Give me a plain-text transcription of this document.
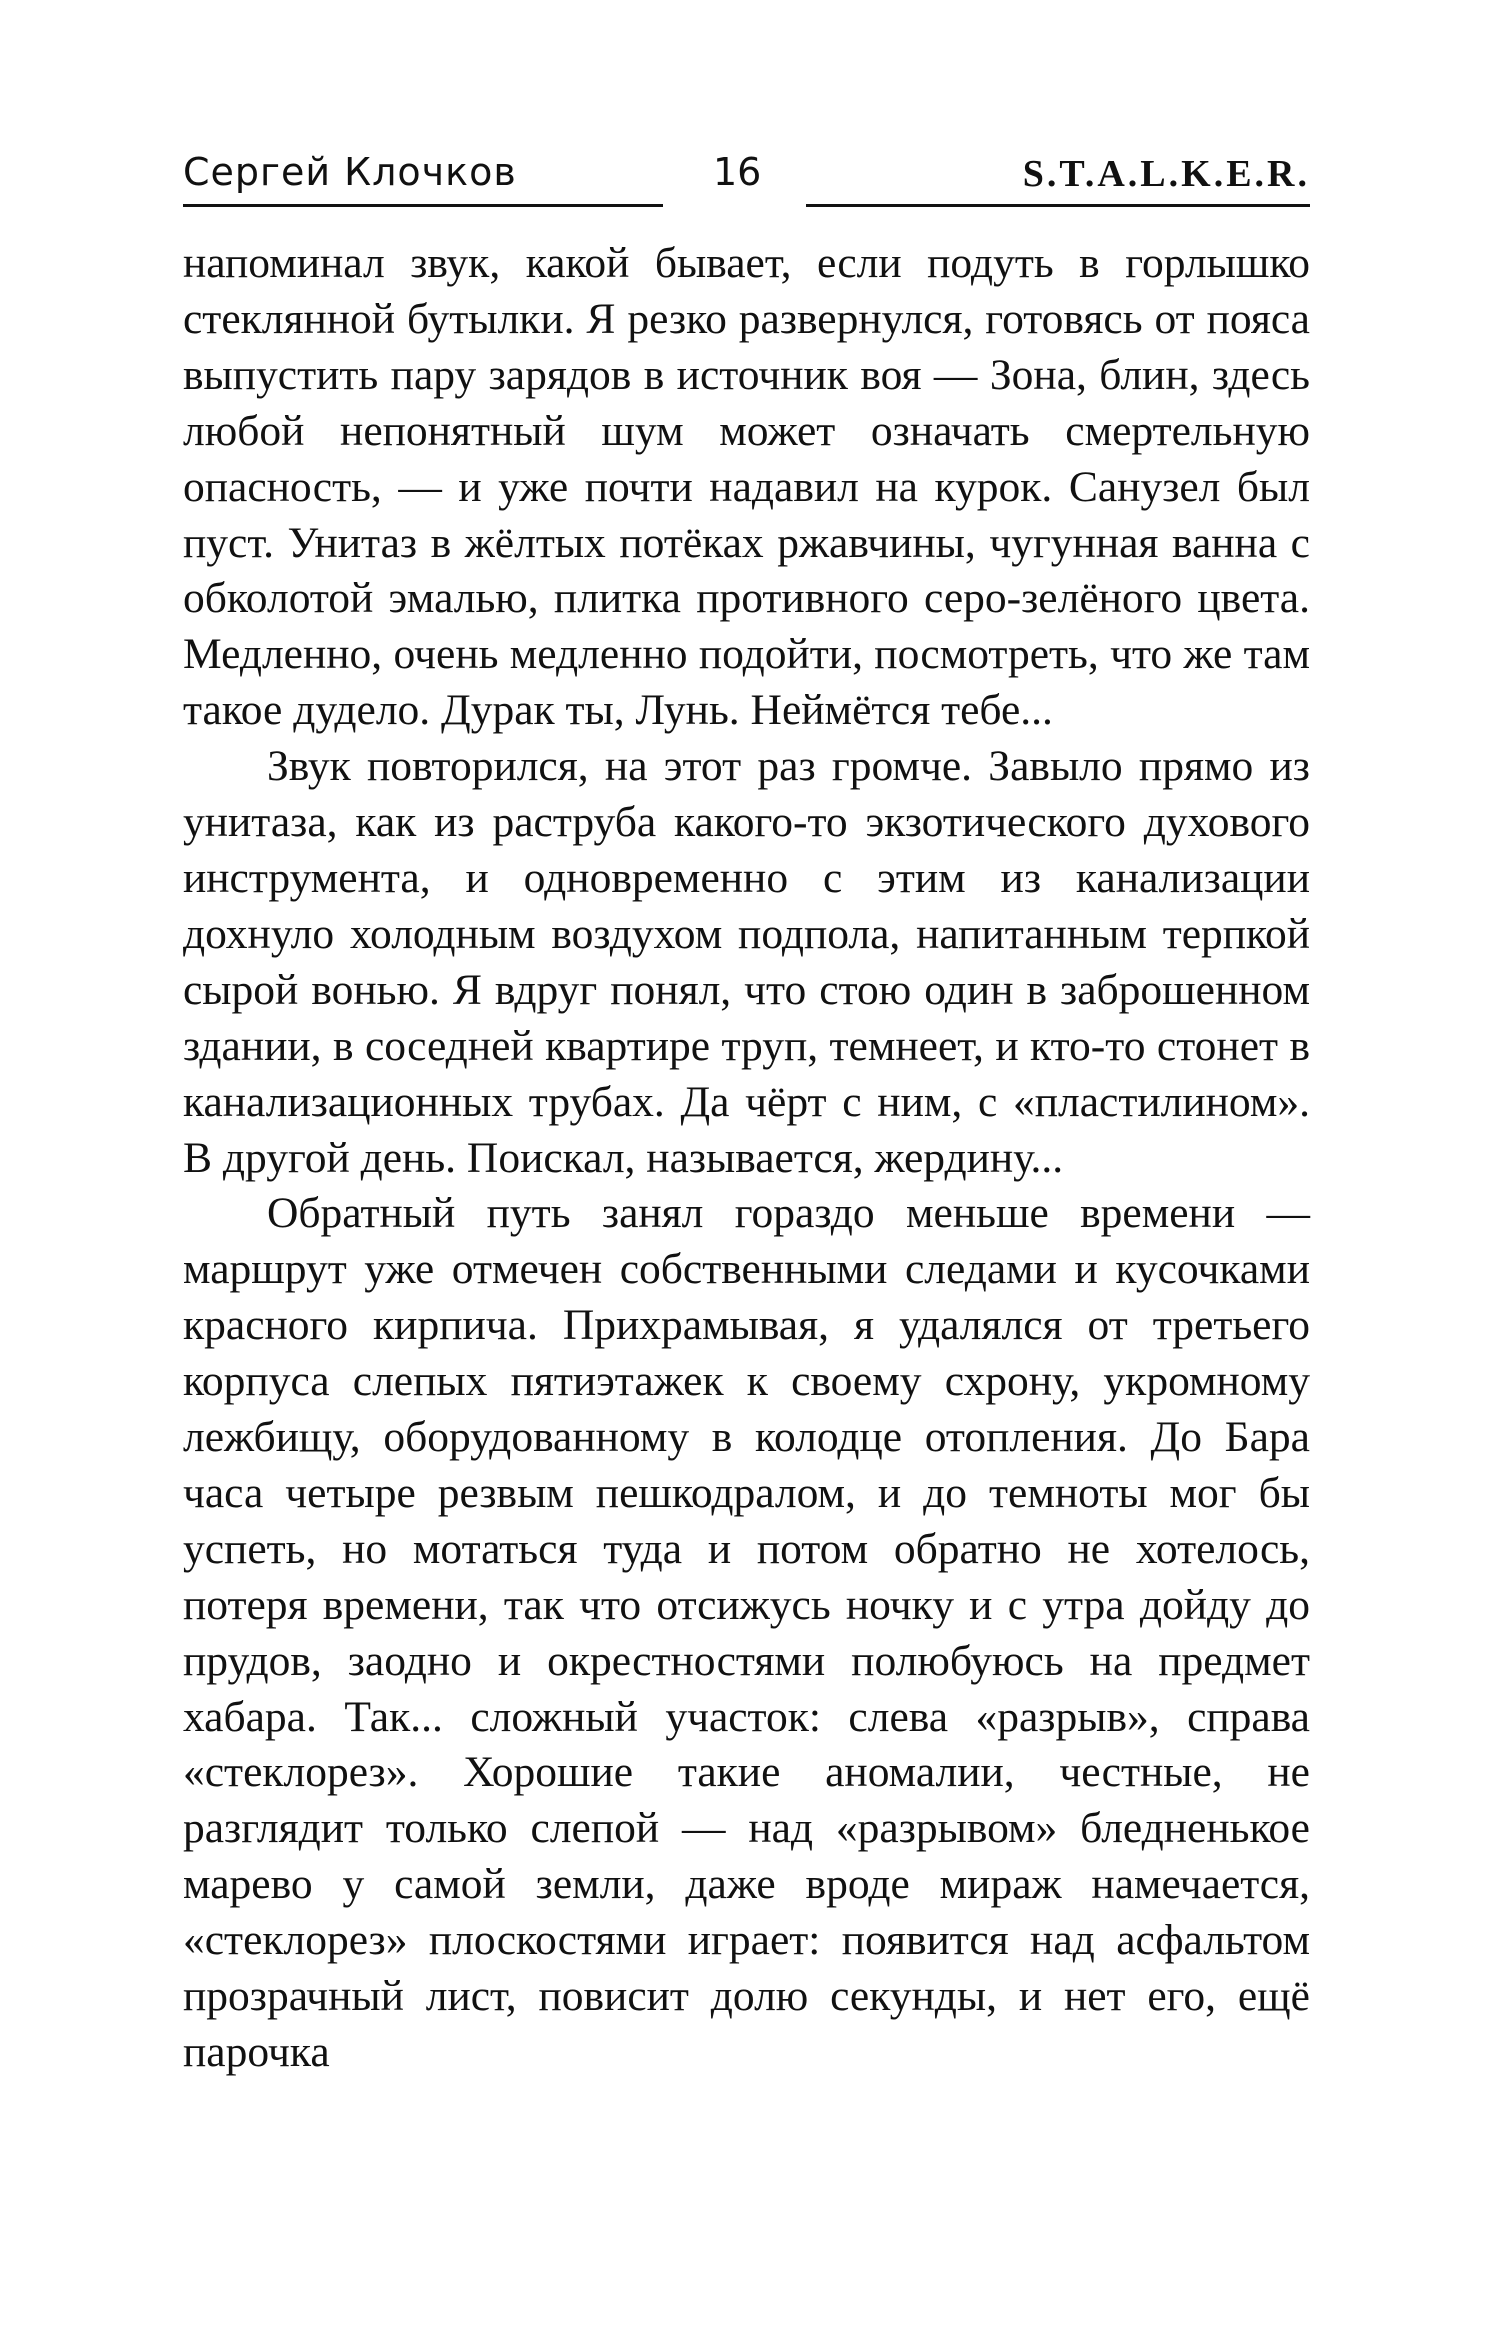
Сергей Клочков	16	S.T.A.L.K.E.R.

напоминал звук, какой бывает, если подуть в горлышко стеклянной бутылки. Я резко развернулся, готовясь от пояса выпустить пару зарядов в источник воя — Зона, блин, здесь любой непонятный шум может означать смертельную опасность, — и уже почти надавил на курок. Санузел был пуст. Унитаз в жёлтых потёках ржавчины, чугунная ванна с обколотой эмалью, плитка противного серо-зелёного цвета. Медленно, очень медленно подойти, посмотреть, что же там такое дудело. Дурак ты, Лунь. Неймётся тебе...

Звук повторился, на этот раз громче. Завыло прямо из унитаза, как из раструба какого-то экзотического духового инструмента, и одновременно с этим из канализации дохнуло холодным воздухом подпола, напитанным терпкой сырой вонью. Я вдруг понял, что стою один в заброшенном здании, в соседней квартире труп, темнеет, и кто-то стонет в канализационных трубах. Да чёрт с ним, с «пластилином». В другой день. Поискал, называется, жердину...

Обратный путь занял гораздо меньше времени — маршрут уже отмечен собственными следами и кусочками красного кирпича. Прихрамывая, я удалялся от третьего корпуса слепых пятиэтажек к своему схрону, укромному лежбищу, оборудованному в колодце отопления. До Бара часа четыре резвым пешкодралом, и до темноты мог бы успеть, но мотаться туда и потом обратно не хотелось, потеря времени, так что отсижусь ночку и с утра дойду до прудов, заодно и окрестностями полюбуюсь на предмет хабара. Так... сложный участок: слева «разрыв», справа «стеклорез». Хорошие такие аномалии, честные, не разглядит только слепой — над «разрывом» бледненькое марево у самой земли, даже вроде мираж намечается, «стеклорез» плоскостями играет: появится над асфальтом прозрачный лист, повисит долю секунды, и нет его, ещё парочка
